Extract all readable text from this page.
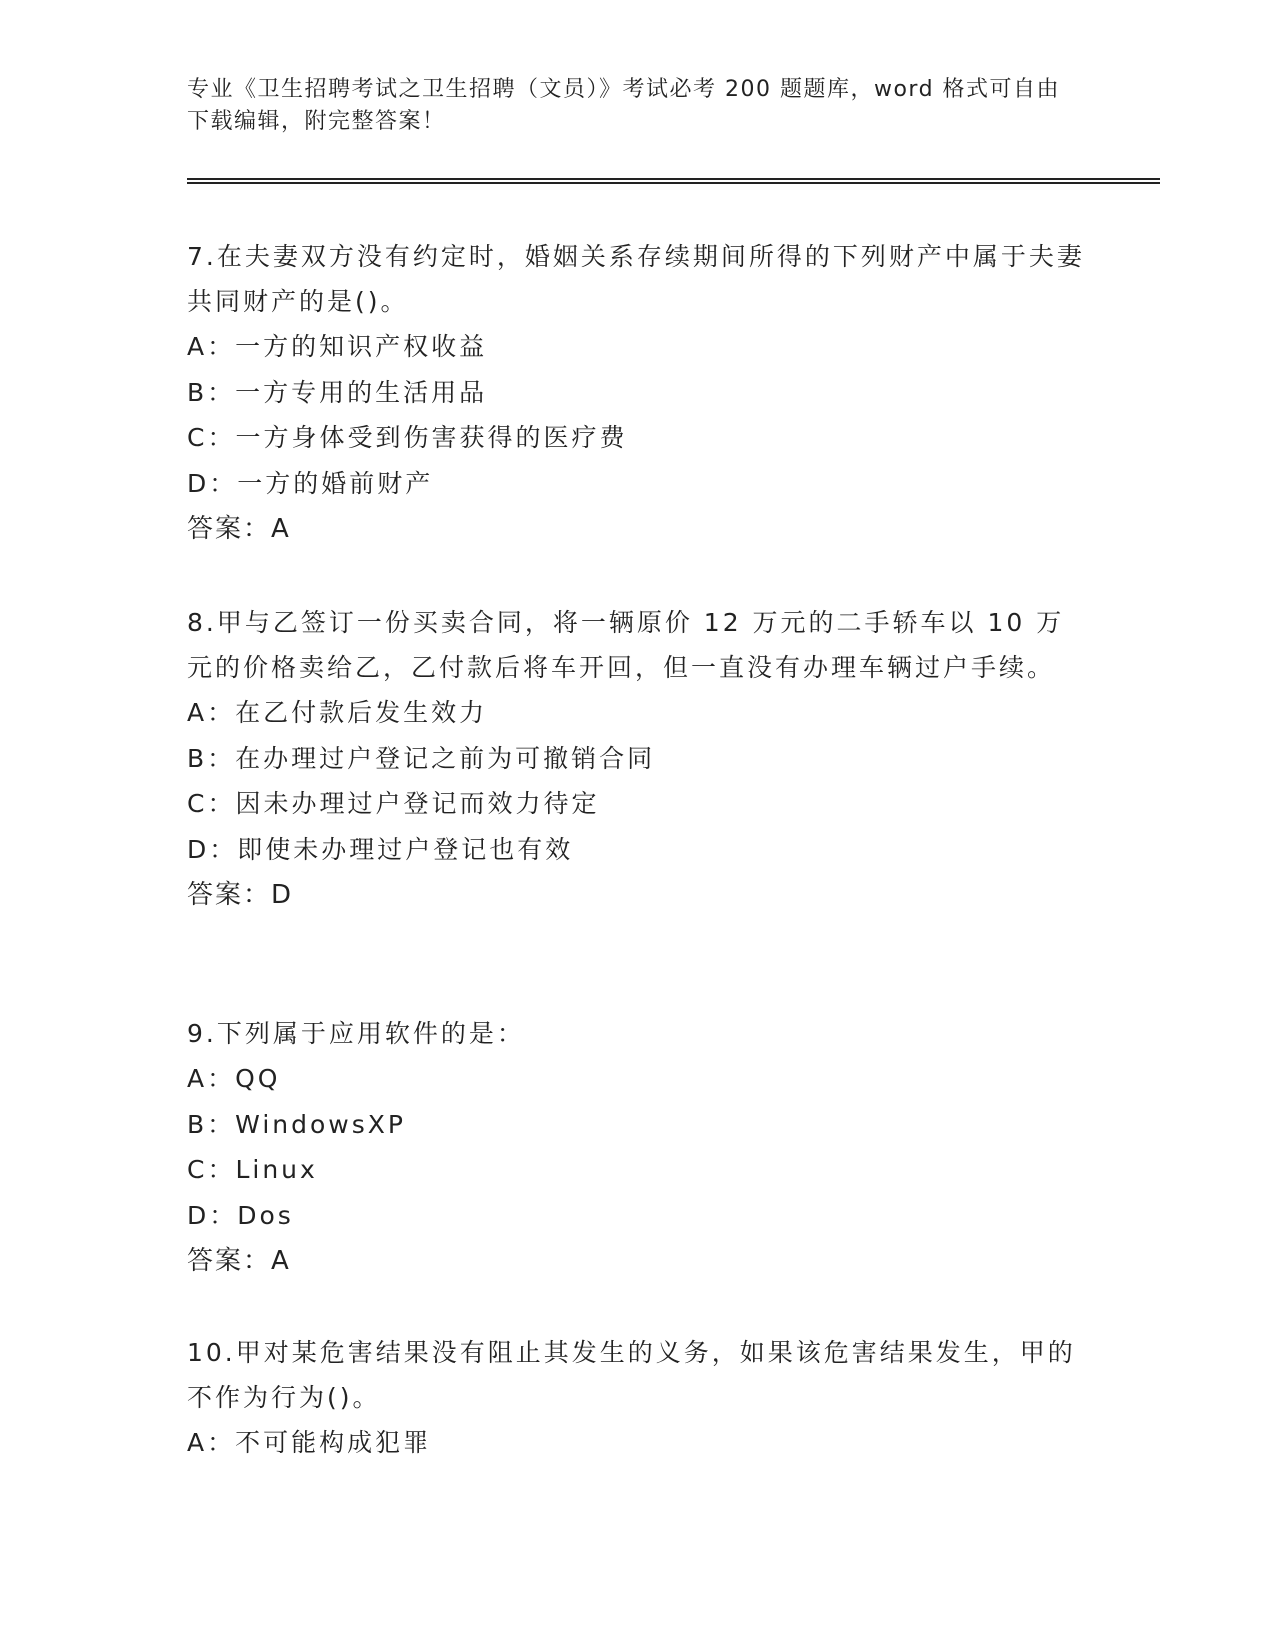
专业《卫生招聘考试之卫生招聘（文员）》考试必考 200 题题库，word 格式可自由下载编辑，附完整答案！

7.在夫妻双方没有约定时，婚姻关系存续期间所得的下列财产中属于夫妻共同财产的是()。

A：一方的知识产权收益

B：一方专用的生活用品

C：一方身体受到伤害获得的医疗费

D：一方的婚前财产

答案：A

8.甲与乙签订一份买卖合同，将一辆原价 12 万元的二手轿车以 10 万元的价格卖给乙，乙付款后将车开回，但一直没有办理车辆过户手续。

A：在乙付款后发生效力

B：在办理过户登记之前为可撤销合同

C：因未办理过户登记而效力待定

D：即使未办理过户登记也有效

答案：D

9.下列属于应用软件的是：

A：QQ

B：WindowsXP

C：Linux

D：Dos

答案：A

10.甲对某危害结果没有阻止其发生的义务，如果该危害结果发生，甲的不作为行为()。

A：不可能构成犯罪
